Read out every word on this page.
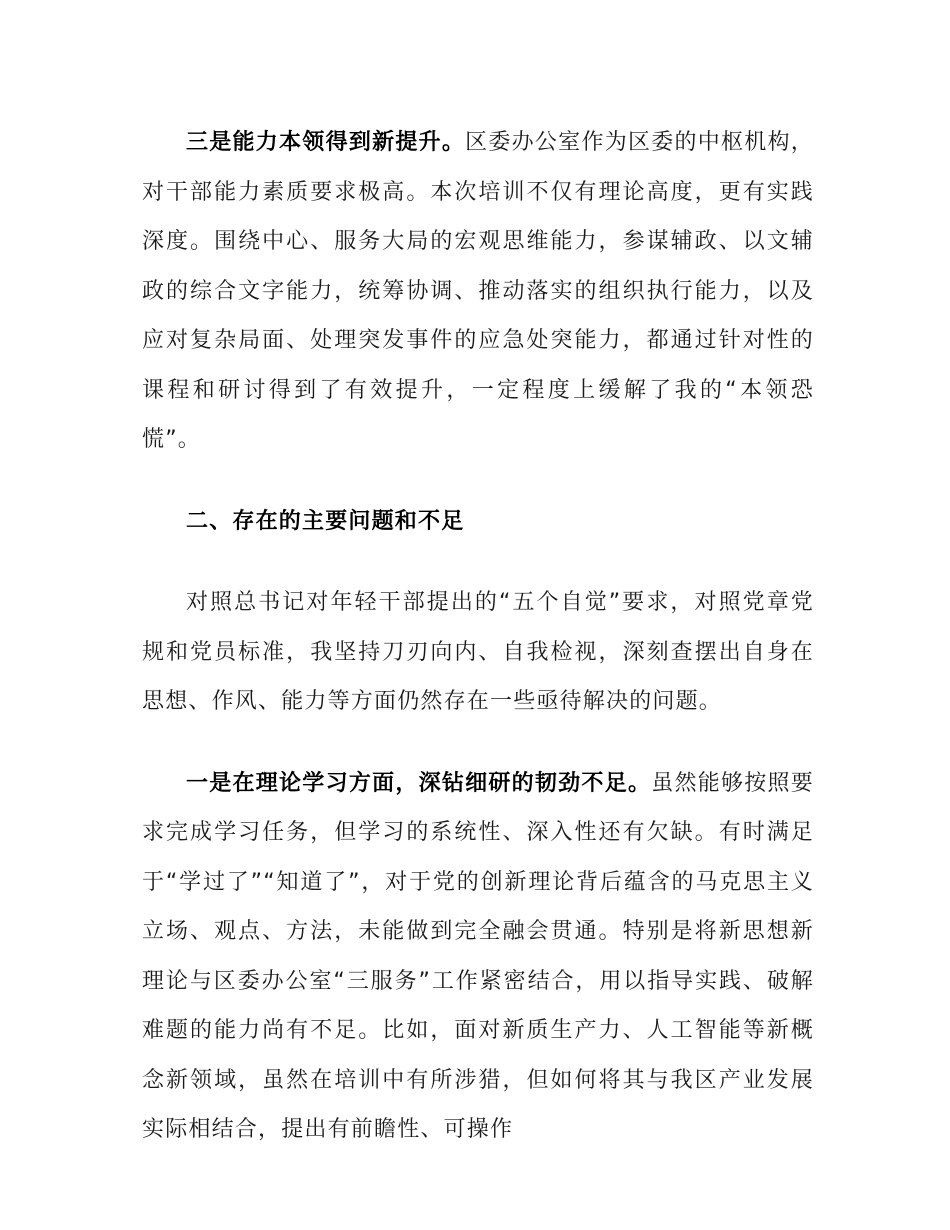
三是能力本领得到新提升。区委办公室作为区委的中枢机构，对干部能力素质要求极高。本次培训不仅有理论高度，更有实践深度。围绕中心、服务大局的宏观思维能力，参谋辅政、以文辅政的综合文字能力，统筹协调、推动落实的组织执行能力，以及应对复杂局面、处理突发事件的应急处突能力，都通过针对性的课程和研讨得到了有效提升，一定程度上缓解了我的“本领恐慌”。

二、存在的主要问题和不足

对照总书记对年轻干部提出的“五个自觉”要求，对照党章党规和党员标准，我坚持刀刃向内、自我检视，深刻查摆出自身在思想、作风、能力等方面仍然存在一些亟待解决的问题。

一是在理论学习方面，深钻细研的韧劲不足。虽然能够按照要求完成学习任务，但学习的系统性、深入性还有欠缺。有时满足于“学过了”“知道了”，对于党的创新理论背后蕴含的马克思主义立场、观点、方法，未能做到完全融会贯通。特别是将新思想新理论与区委办公室“三服务”工作紧密结合，用以指导实践、破解难题的能力尚有不足。比如，面对新质生产力、人工智能等新概念新领域，虽然在培训中有所涉猎，但如何将其与我区产业发展实际相结合，提出有前瞻性、可操作
